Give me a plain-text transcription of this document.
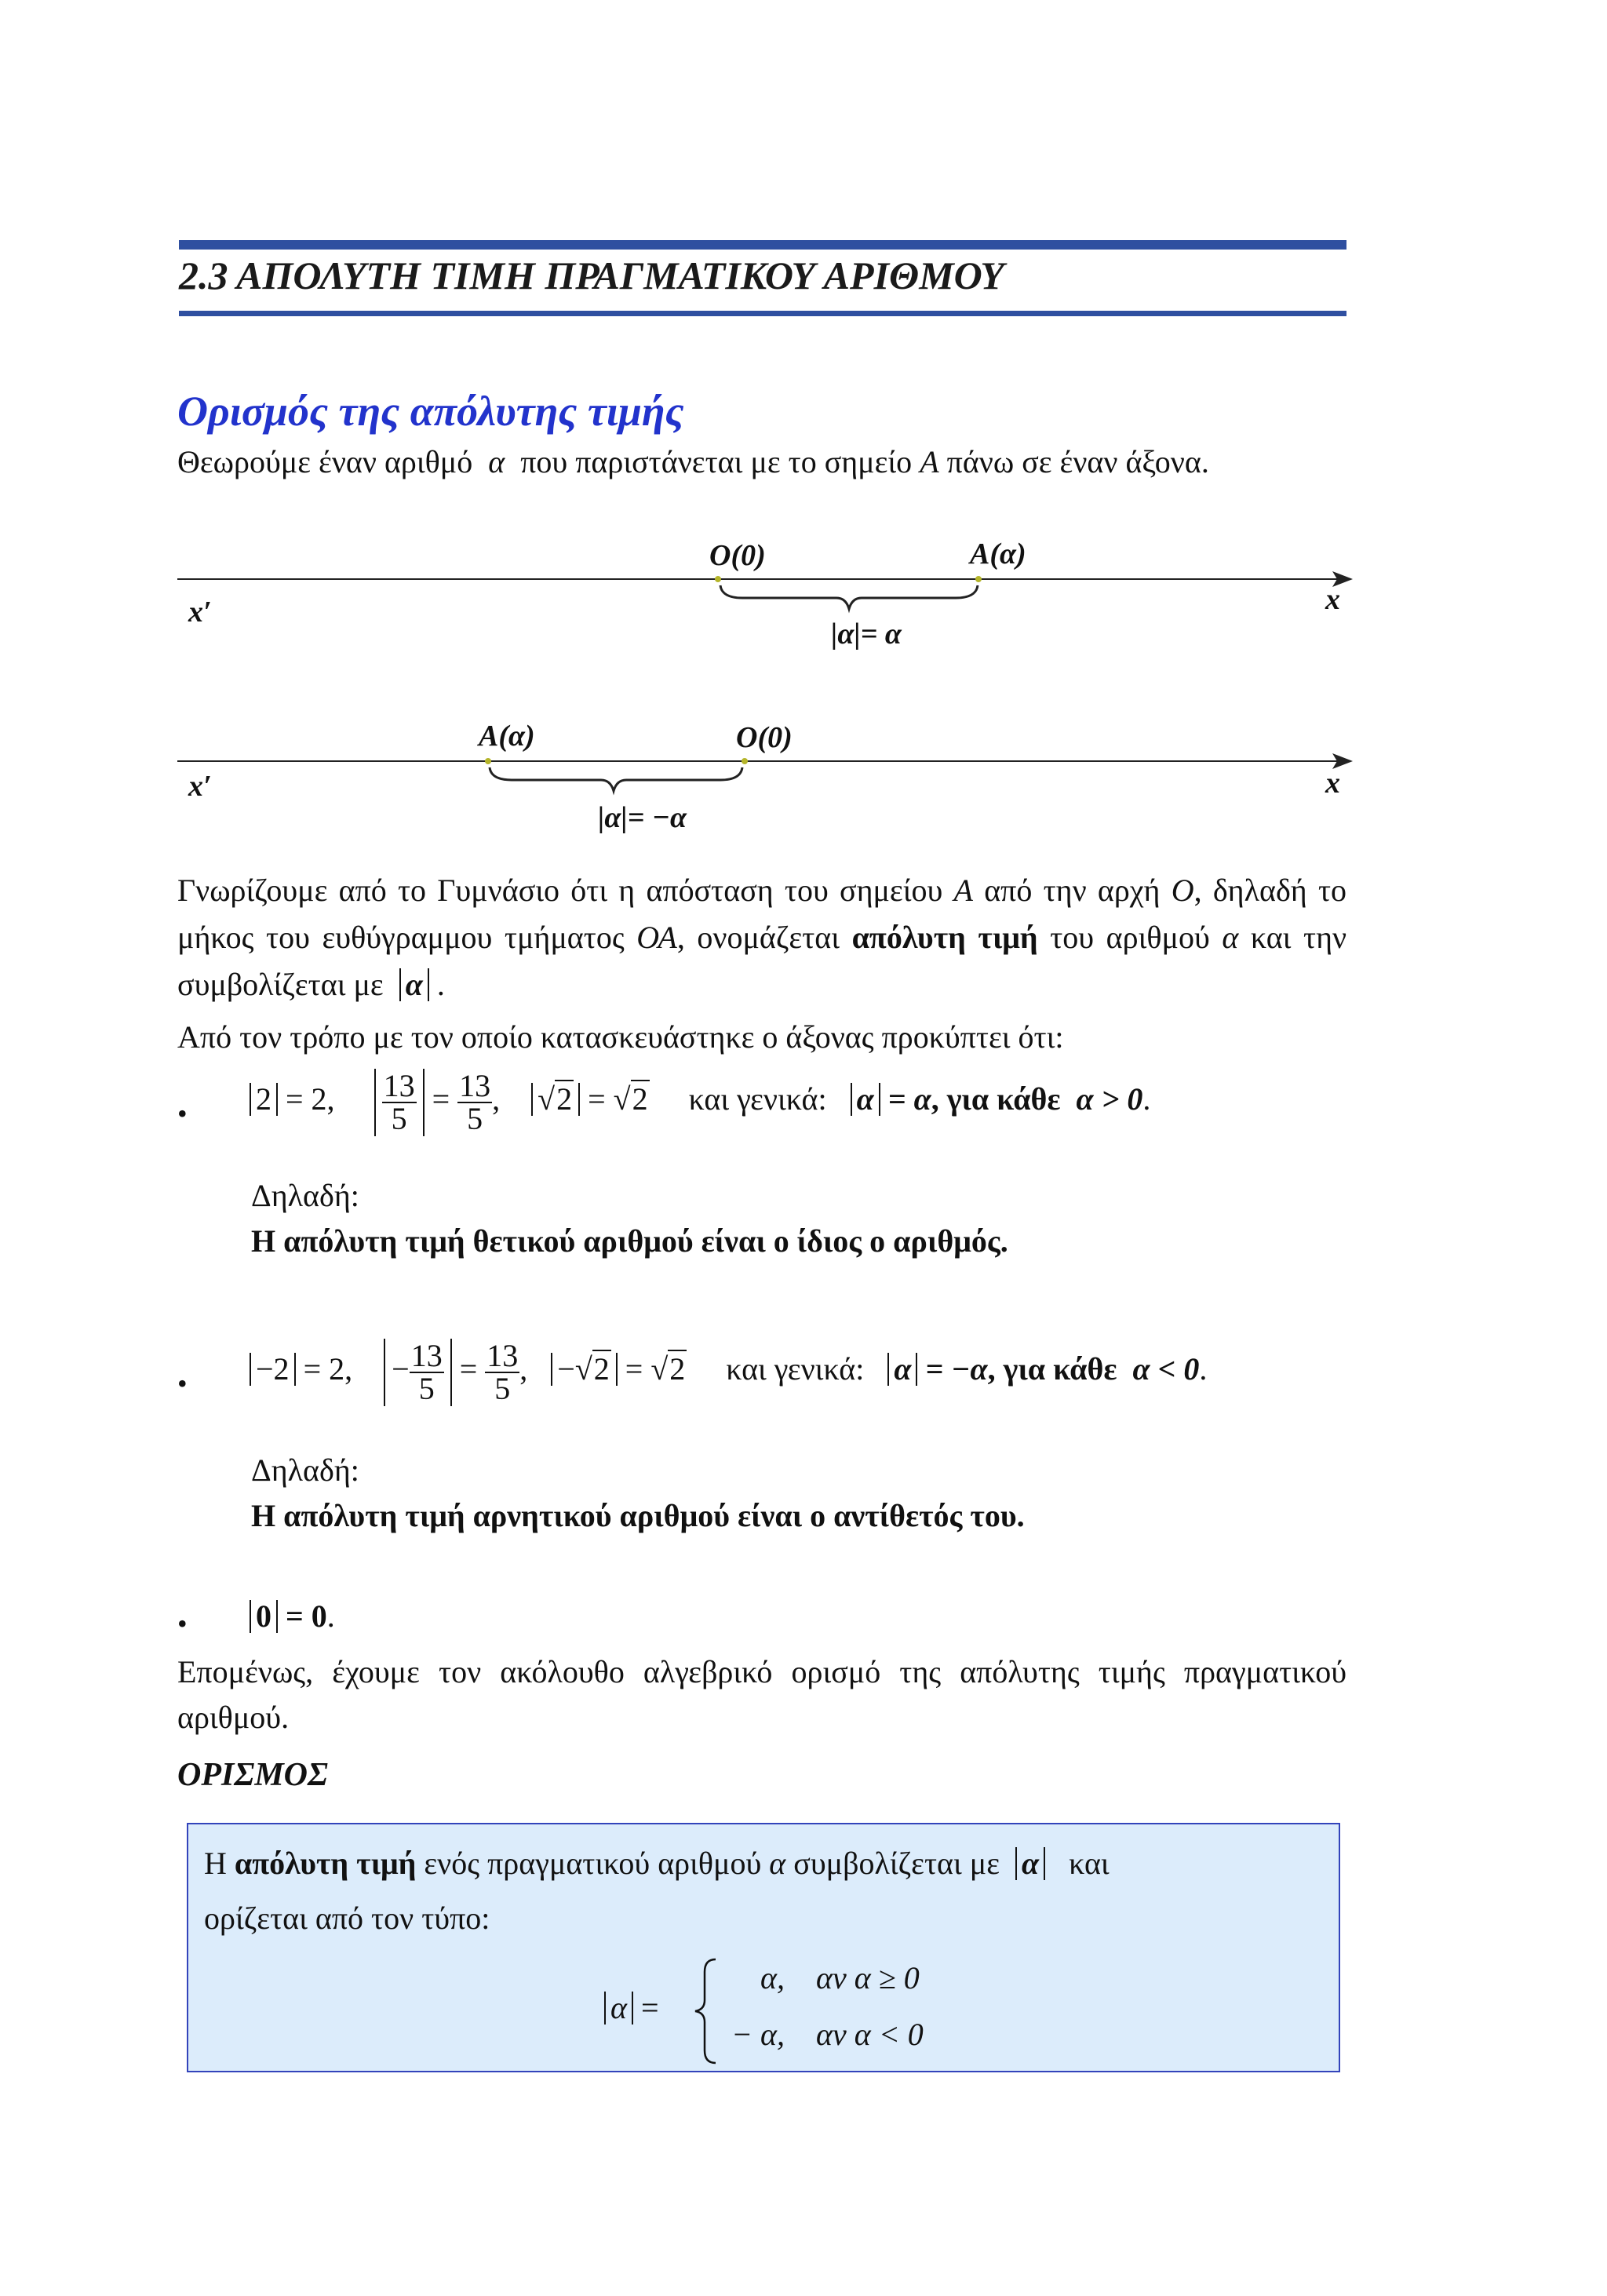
2.3 ΑΠΟΛΥΤΗ ΤΙΜΗ ΠΡΑΓΜΑΤΙΚΟΥ ΑΡΙΘΜΟΥ
Ορισμός της απόλυτης τιμής
Θεωρούμε έναν αριθμό α που παριστάνεται με το σημείο Α πάνω σε έναν άξονα.
Ο(0)	Α(α)
x′	x
|α|= α
Α(α)	Ο(0)
x′	x
|α|= −α
Γνωρίζουμε από το Γυμνάσιο ότι η απόσταση του σημείου Α από την αρχή Ο, δηλαδή το μήκος του ευθύγραμμου τμήματος ΟΑ, ονομάζεται απόλυτη τιμή του αριθμού α και την συμβολίζεται με α .
Από τον τρόπο με τον οποίο κατασκευάστηκε ο άξονας προκύπτει ότι:
• 2 = 2, $\frac{13}{5} = \frac{13}{5}$ , √2 = √2 και γενικά: α = α, για κάθε α > 0.
Δηλαδή:
Η απόλυτη τιμή θετικού αριθμού είναι ο ίδιος ο αριθμός.
• −2 = 2, − $\frac{13}{5} = \frac{13}{5}$ , −√2 = √2 και γενικά: α = −α, για κάθε α < 0.
Δηλαδή:
Η απόλυτη τιμή αρνητικού αριθμού είναι ο αντίθετός του.
• 0 = 0.
Επομένως, έχουμε τον ακόλουθο αλγεβρικό ορισμό της απόλυτης τιμής πραγματικού αριθμού.
ΟΡΙΣΜΟΣ
Η απόλυτη τιμή ενός πραγματικού αριθμού α συμβολίζεται με α και
ορίζεται από τον τύπο:
α =
α, αν α ≥ 0
− α, αν α < 0
